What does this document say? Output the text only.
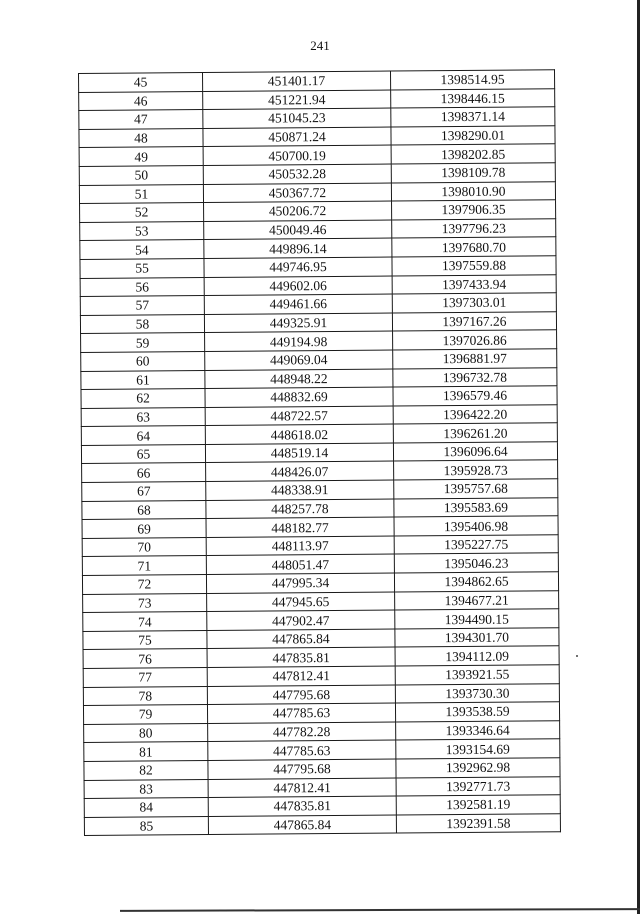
241
45	451401.17	1398514.95
46	451221.94	1398446.15
47	451045.23	1398371.14
48	450871.24	1398290.01
49	450700.19	1398202.85
50	450532.28	1398109.78
51	450367.72	1398010.90
52	450206.72	1397906.35
53	450049.46	1397796.23
54	449896.14	1397680.70
55	449746.95	1397559.88
56	449602.06	1397433.94
57	449461.66	1397303.01
58	449325.91	1397167.26
59	449194.98	1397026.86
60	449069.04	1396881.97
61	448948.22	1396732.78
62	448832.69	1396579.46
63	448722.57	1396422.20
64	448618.02	1396261.20
65	448519.14	1396096.64
66	448426.07	1395928.73
67	448338.91	1395757.68
68	448257.78	1395583.69
69	448182.77	1395406.98
70	448113.97	1395227.75
71	448051.47	1395046.23
72	447995.34	1394862.65
73	447945.65	1394677.21
74	447902.47	1394490.15
75	447865.84	1394301.70
76	447835.81	1394112.09
77	447812.41	1393921.55
78	447795.68	1393730.30
79	447785.63	1393538.59
80	447782.28	1393346.64
81	447785.63	1393154.69
82	447795.68	1392962.98
83	447812.41	1392771.73
84	447835.81	1392581.19
85	447865.84	1392391.58
